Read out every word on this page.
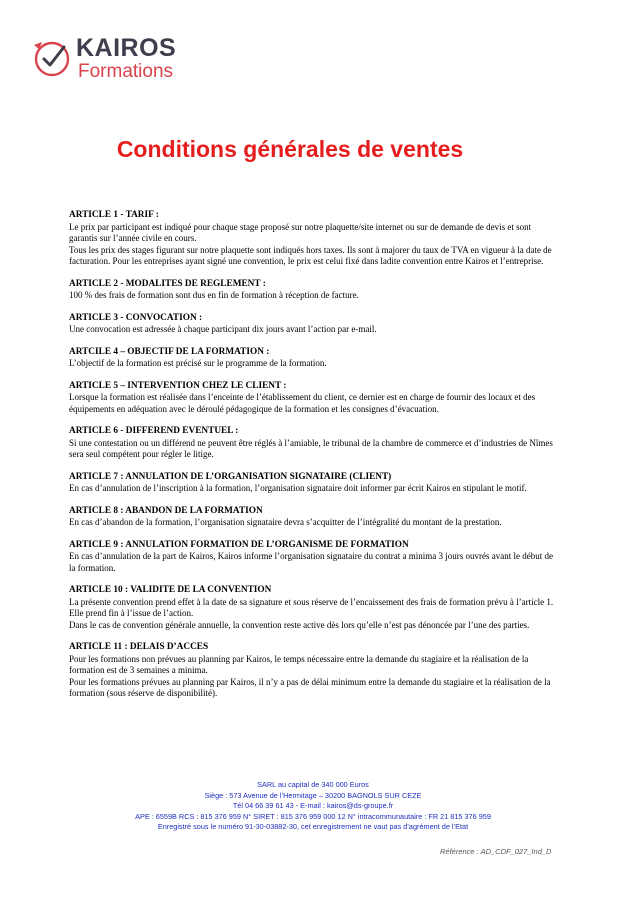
KAIROS
Formations
Conditions générales de ventes
ARTICLE 1 - TARIF :

Le prix par participant est indiqué pour chaque stage proposé sur notre plaquette/site internet ou sur de demande de devis et sont garantis sur l’année civile en cours.

Tous les prix des stages figurant sur notre plaquette sont indiqués hors taxes. Ils sont à majorer du taux de TVA en vigueur à la date de facturation. Pour les entreprises ayant signé une convention, le prix est celui fixé dans ladite convention entre Kairos et l’entreprise.

ARTICLE 2 - MODALITES DE REGLEMENT :

100 % des frais de formation sont dus en fin de formation à réception de facture.

ARTICLE 3 - CONVOCATION :

Une convocation est adressée à chaque participant dix jours avant l’action par e-mail.

ARTCILE 4 – OBJECTIF DE LA FORMATION :

L’objectif de la formation est précisé sur le programme de la formation.

ARTICLE 5 – INTERVENTION CHEZ LE CLIENT :

Lorsque la formation est réalisée dans l’enceinte de l’établissement du client, ce dernier est en charge de fournir des locaux et des équipements en adéquation avec le déroulé pédagogique de la formation et les consignes d’évacuation.

ARTICLE 6 - DIFFEREND EVENTUEL :

Si une contestation ou un différend ne peuvent être réglés à l’amiable, le tribunal de la chambre de commerce et d’industries de Nîmes sera seul compétent pour régler le litige.

ARTICLE 7 : ANNULATION DE L’ORGANISATION SIGNATAIRE (CLIENT)

En cas d’annulation de l’inscription à la formation, l’organisation signataire doit informer par écrit Kairos en stipulant le motif.

ARTICLE 8 : ABANDON DE LA FORMATION

En cas d’abandon de la formation, l’organisation signataire devra s’acquitter de l’intégralité du montant de la prestation.

ARTICLE 9 : ANNULATION FORMATION DE L’ORGANISME DE FORMATION

En cas d’annulation de la part de Kairos, Kairos informe l’organisation signataire du contrat a minima 3 jours ouvrés avant le début de la formation.

ARTICLE 10 : VALIDITE DE LA CONVENTION

La présente convention prend effet à la date de sa signature et sous réserve de l’encaissement des frais de formation prévu à l’article 1.

Elle prend fin à l’issue de l’action.

Dans le cas de convention générale annuelle, la convention reste active dès lors qu’elle n’est pas dénoncée par l’une des parties.

ARTICLE 11 : DELAIS D’ACCES

Pour les formations non prévues au planning par Kairos, le temps nécessaire entre la demande du stagiaire et la réalisation de la formation est de 3 semaines a minima.

Pour les formations prévues au planning par Kairos, il n’y a pas de délai minimum entre la demande du stagiaire et la réalisation de la formation (sous réserve de disponibilité).

SARL au capital de 340 000 Euros
Siège : 573 Avenue de l’Hermitage – 30200 BAGNOLS SUR CEZE
Tél 04 66 39 61 43 - E-mail : kairos@ds-groupe.fr
APE : 6559B RCS : 815 376 959 N° SIRET : 815 376 959 000 12 N° intracommunautaire : FR 21 815 376 959
Enregistré sous le numéro 91-30-03882-30, cet enregistrement ne vaut pas d’agrément de l’Etat
Référence : AD_CDF_027_Ind_D
